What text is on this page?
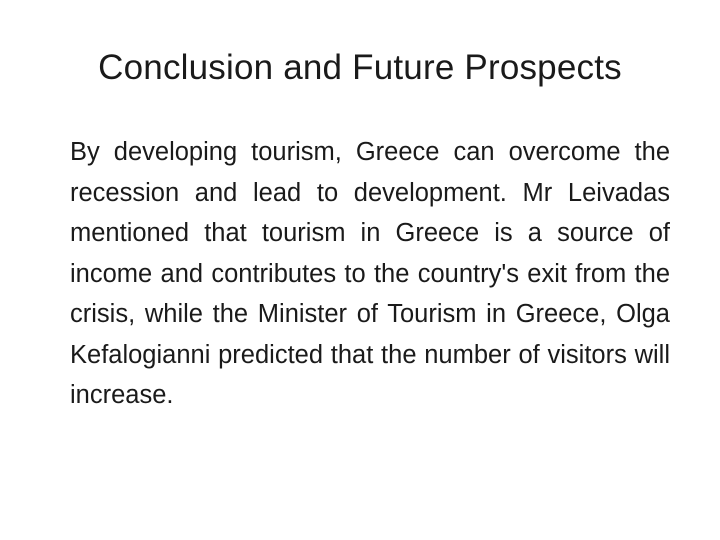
Conclusion and Future Prospects

By developing tourism, Greece can overcome the recession and lead to development. Mr Leivadas mentioned that tourism in Greece is a source of income and contributes to the country's exit from the crisis, while the Minister of Tourism in Greece, Olga Kefalogianni predicted that the number of visitors will increase.
